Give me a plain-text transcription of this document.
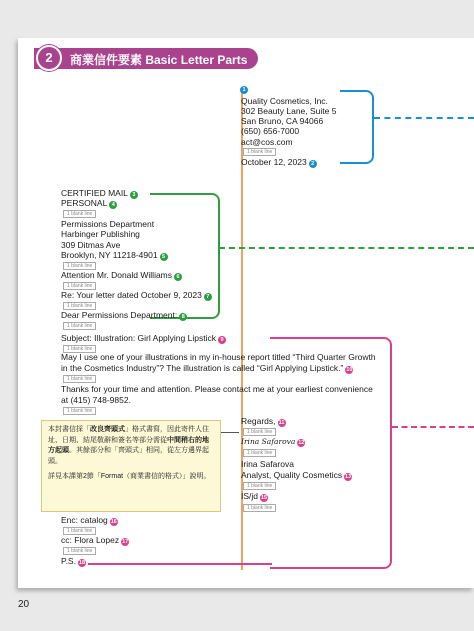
2	商業信件要素 Basic Letter Parts
1
Quality Cosmetics, Inc.
302 Beauty Lane, Suite 5
San Bruno, CA 94066
(650) 656-7000
act@cos.com
1 blank line
October 12, 2023 2
CERTIFIED MAIL 3
PERSONAL 4
1 blank line
Permissions Department
Harbinger Publishing
309 Ditmas Ave
Brooklyn, NY 11218-4901 5
1 blank line
Attention Mr. Donald Williams 6
1 blank line
Re: Your letter dated October 9, 2023 7
1 blank line
Dear Permissions Department: 8
1 blank line
Subject: Illustration: Girl Applying Lipstick 9
1 blank line
May I use one of your illustrations in my in-house report titled “Third Quarter Growth
in the Cosmetics Industry”? The illustration is called “Girl Applying Lipstick.” 10
1 blank line
Thanks for your time and attention. Please contact me at your earliest convenience
at (415) 748-9852.
1 blank line
Regards, 11
1 blank line
Irina Safarova 12
1 blank line
Irina Safarova
Analyst, Quality Cosmetics 13
1 blank line
IS/jd 15
1 blank line

本封書信採「改良齊頭式」格式書寫，因此寄件人住址、日期、結尾敬辭和簽名等部分需從中間稍右的地方起頭。其餘部分和「齊頭式」相同，從左方邊界起頭。

詳見本課第2節「Format（商業書信的格式）」說明。

Enc: catalog 16
1 blank line
cc: Flora Lopez 17
1 blank line
P.S. 18
20
